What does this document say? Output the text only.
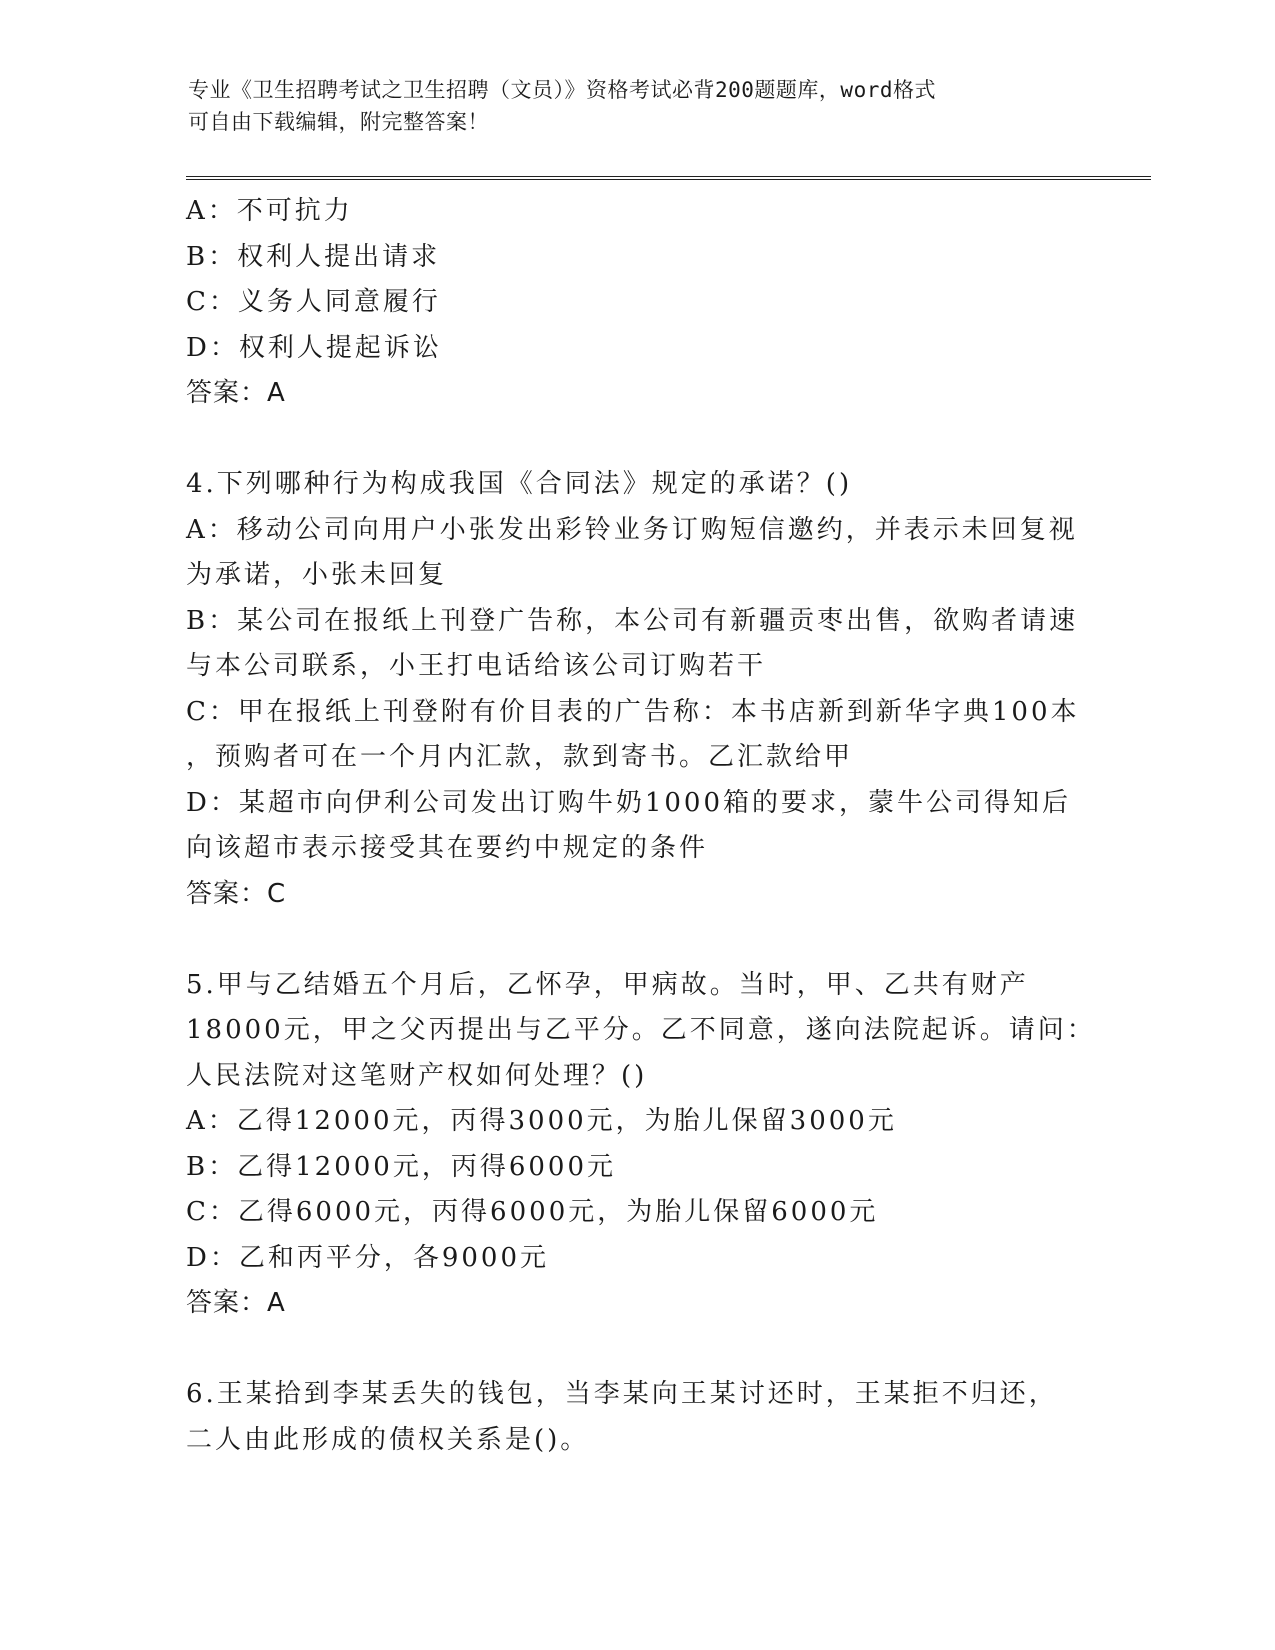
专业《卫生招聘考试之卫生招聘（文员）》资格考试必背200题题库，word格式
可自由下载编辑，附完整答案！
A：不可抗力
B：权利人提出请求
C：义务人同意履行
D：权利人提起诉讼
答案：A
4.下列哪种行为构成我国《合同法》规定的承诺？()
A：移动公司向用户小张发出彩铃业务订购短信邀约，并表示未回复视
为承诺，小张未回复
B：某公司在报纸上刊登广告称，本公司有新疆贡枣出售，欲购者请速
与本公司联系，小王打电话给该公司订购若干
C：甲在报纸上刊登附有价目表的广告称：本书店新到新华字典100本
，预购者可在一个月内汇款，款到寄书。乙汇款给甲
D：某超市向伊利公司发出订购牛奶1000箱的要求，蒙牛公司得知后
向该超市表示接受其在要约中规定的条件
答案：C
5.甲与乙结婚五个月后，乙怀孕，甲病故。当时，甲、乙共有财产
18000元，甲之父丙提出与乙平分。乙不同意，遂向法院起诉。请问：
人民法院对这笔财产权如何处理？()
A：乙得12000元，丙得3000元，为胎儿保留3000元
B：乙得12000元，丙得6000元
C：乙得6000元，丙得6000元，为胎儿保留6000元
D：乙和丙平分，各9000元
答案：A
6.王某拾到李某丢失的钱包，当李某向王某讨还时，王某拒不归还，
二人由此形成的债权关系是()。
